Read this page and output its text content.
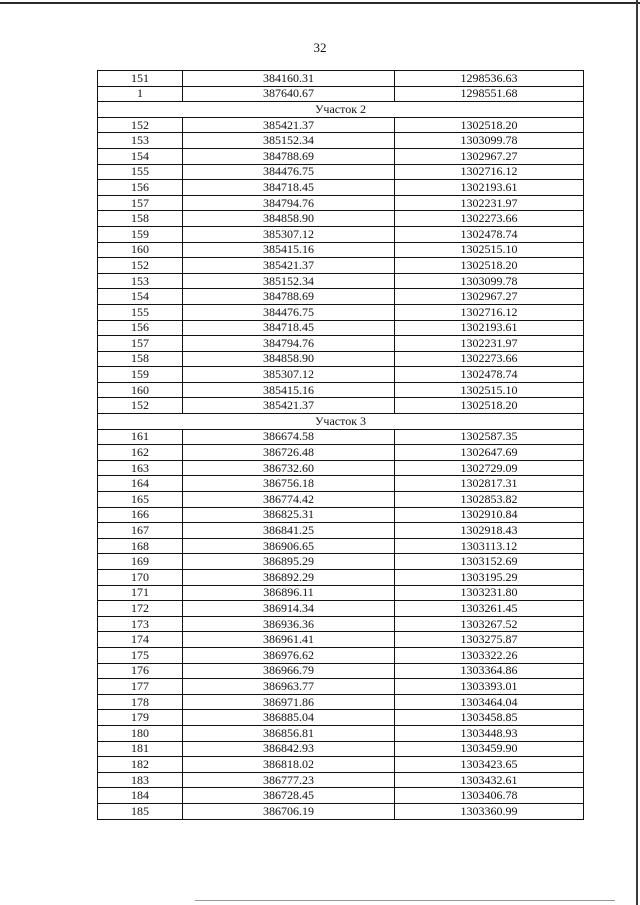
32
151	384160.31	1298536.63
1	387640.67	1298551.68
Участок 2		
152	385421.37	1302518.20
153	385152.34	1303099.78
154	384788.69	1302967.27
155	384476.75	1302716.12
156	384718.45	1302193.61
157	384794.76	1302231.97
158	384858.90	1302273.66
159	385307.12	1302478.74
160	385415.16	1302515.10
152	385421.37	1302518.20
153	385152.34	1303099.78
154	384788.69	1302967.27
155	384476.75	1302716.12
156	384718.45	1302193.61
157	384794.76	1302231.97
158	384858.90	1302273.66
159	385307.12	1302478.74
160	385415.16	1302515.10
152	385421.37	1302518.20
Участок 3		
161	386674.58	1302587.35
162	386726.48	1302647.69
163	386732.60	1302729.09
164	386756.18	1302817.31
165	386774.42	1302853.82
166	386825.31	1302910.84
167	386841.25	1302918.43
168	386906.65	1303113.12
169	386895.29	1303152.69
170	386892.29	1303195.29
171	386896.11	1303231.80
172	386914.34	1303261.45
173	386936.36	1303267.52
174	386961.41	1303275.87
175	386976.62	1303322.26
176	386966.79	1303364.86
177	386963.77	1303393.01
178	386971.86	1303464.04
179	386885.04	1303458.85
180	386856.81	1303448.93
181	386842.93	1303459.90
182	386818.02	1303423.65
183	386777.23	1303432.61
184	386728.45	1303406.78
185	386706.19	1303360.99
